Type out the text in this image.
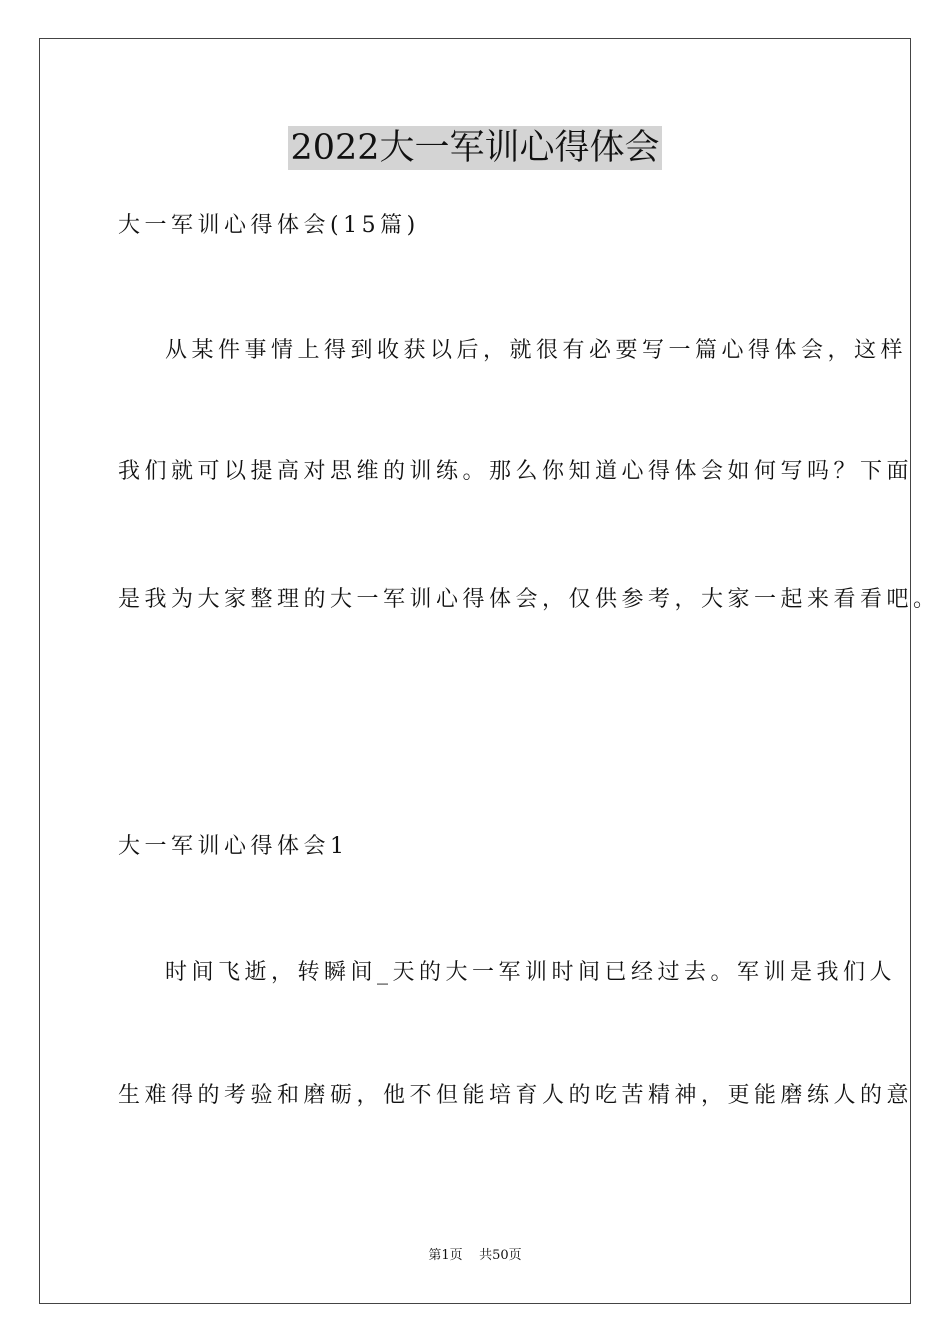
2022大一军训心得体会
大一军训心得体会(15篇)
从某件事情上得到收获以后，就很有必要写一篇心得体会，这样
我们就可以提高对思维的训练。那么你知道心得体会如何写吗？下面
是我为大家整理的大一军训心得体会，仅供参考，大家一起来看看吧。
大一军训心得体会1
时间飞逝，转瞬间_天的大一军训时间已经过去。军训是我们人
生难得的考验和磨砺，他不但能培育人的吃苦精神，更能磨练人的意
第1页    共50页
